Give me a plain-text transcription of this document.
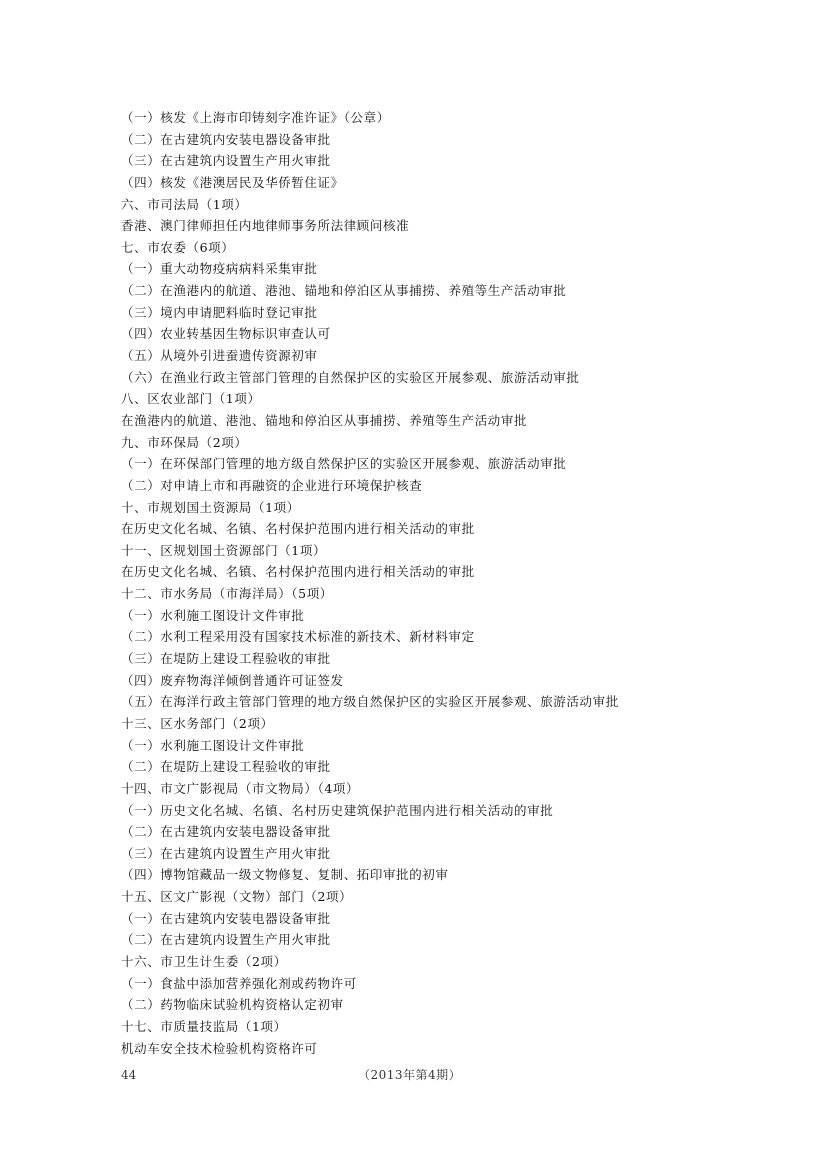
（一）核发《上海市印铸刻字准许证》（公章）
（二）在古建筑内安装电器设备审批
（三）在古建筑内设置生产用火审批
（四）核发《港澳居民及华侨暂住证》
六、市司法局（1项）
香港、澳门律师担任内地律师事务所法律顾问核准
七、市农委（6项）
（一）重大动物疫病病料采集审批
（二）在渔港内的航道、港池、锚地和停泊区从事捕捞、养殖等生产活动审批
（三）境内申请肥料临时登记审批
（四）农业转基因生物标识审查认可
（五）从境外引进蚕遗传资源初审
（六）在渔业行政主管部门管理的自然保护区的实验区开展参观、旅游活动审批
八、区农业部门（1项）
在渔港内的航道、港池、锚地和停泊区从事捕捞、养殖等生产活动审批
九、市环保局（2项）
（一）在环保部门管理的地方级自然保护区的实验区开展参观、旅游活动审批
（二）对申请上市和再融资的企业进行环境保护核查
十、市规划国土资源局（1项）
在历史文化名城、名镇、名村保护范围内进行相关活动的审批
十一、区规划国土资源部门（1项）
在历史文化名城、名镇、名村保护范围内进行相关活动的审批
十二、市水务局（市海洋局）（5项）
（一）水利施工图设计文件审批
（二）水利工程采用没有国家技术标准的新技术、新材料审定
（三）在堤防上建设工程验收的审批
（四）废弃物海洋倾倒普通许可证签发
（五）在海洋行政主管部门管理的地方级自然保护区的实验区开展参观、旅游活动审批
十三、区水务部门（2项）
（一）水利施工图设计文件审批
（二）在堤防上建设工程验收的审批
十四、市文广影视局（市文物局）（4项）
（一）历史文化名城、名镇、名村历史建筑保护范围内进行相关活动的审批
（二）在古建筑内安装电器设备审批
（三）在古建筑内设置生产用火审批
（四）博物馆藏品一级文物修复、复制、拓印审批的初审
十五、区文广影视（文物）部门（2项）
（一）在古建筑内安装电器设备审批
（二）在古建筑内设置生产用火审批
十六、市卫生计生委（2项）
（一）食盐中添加营养强化剂或药物许可
（二）药物临床试验机构资格认定初审
十七、市质量技监局（1项）
机动车安全技术检验机构资格许可
44	（2013年第4期）
